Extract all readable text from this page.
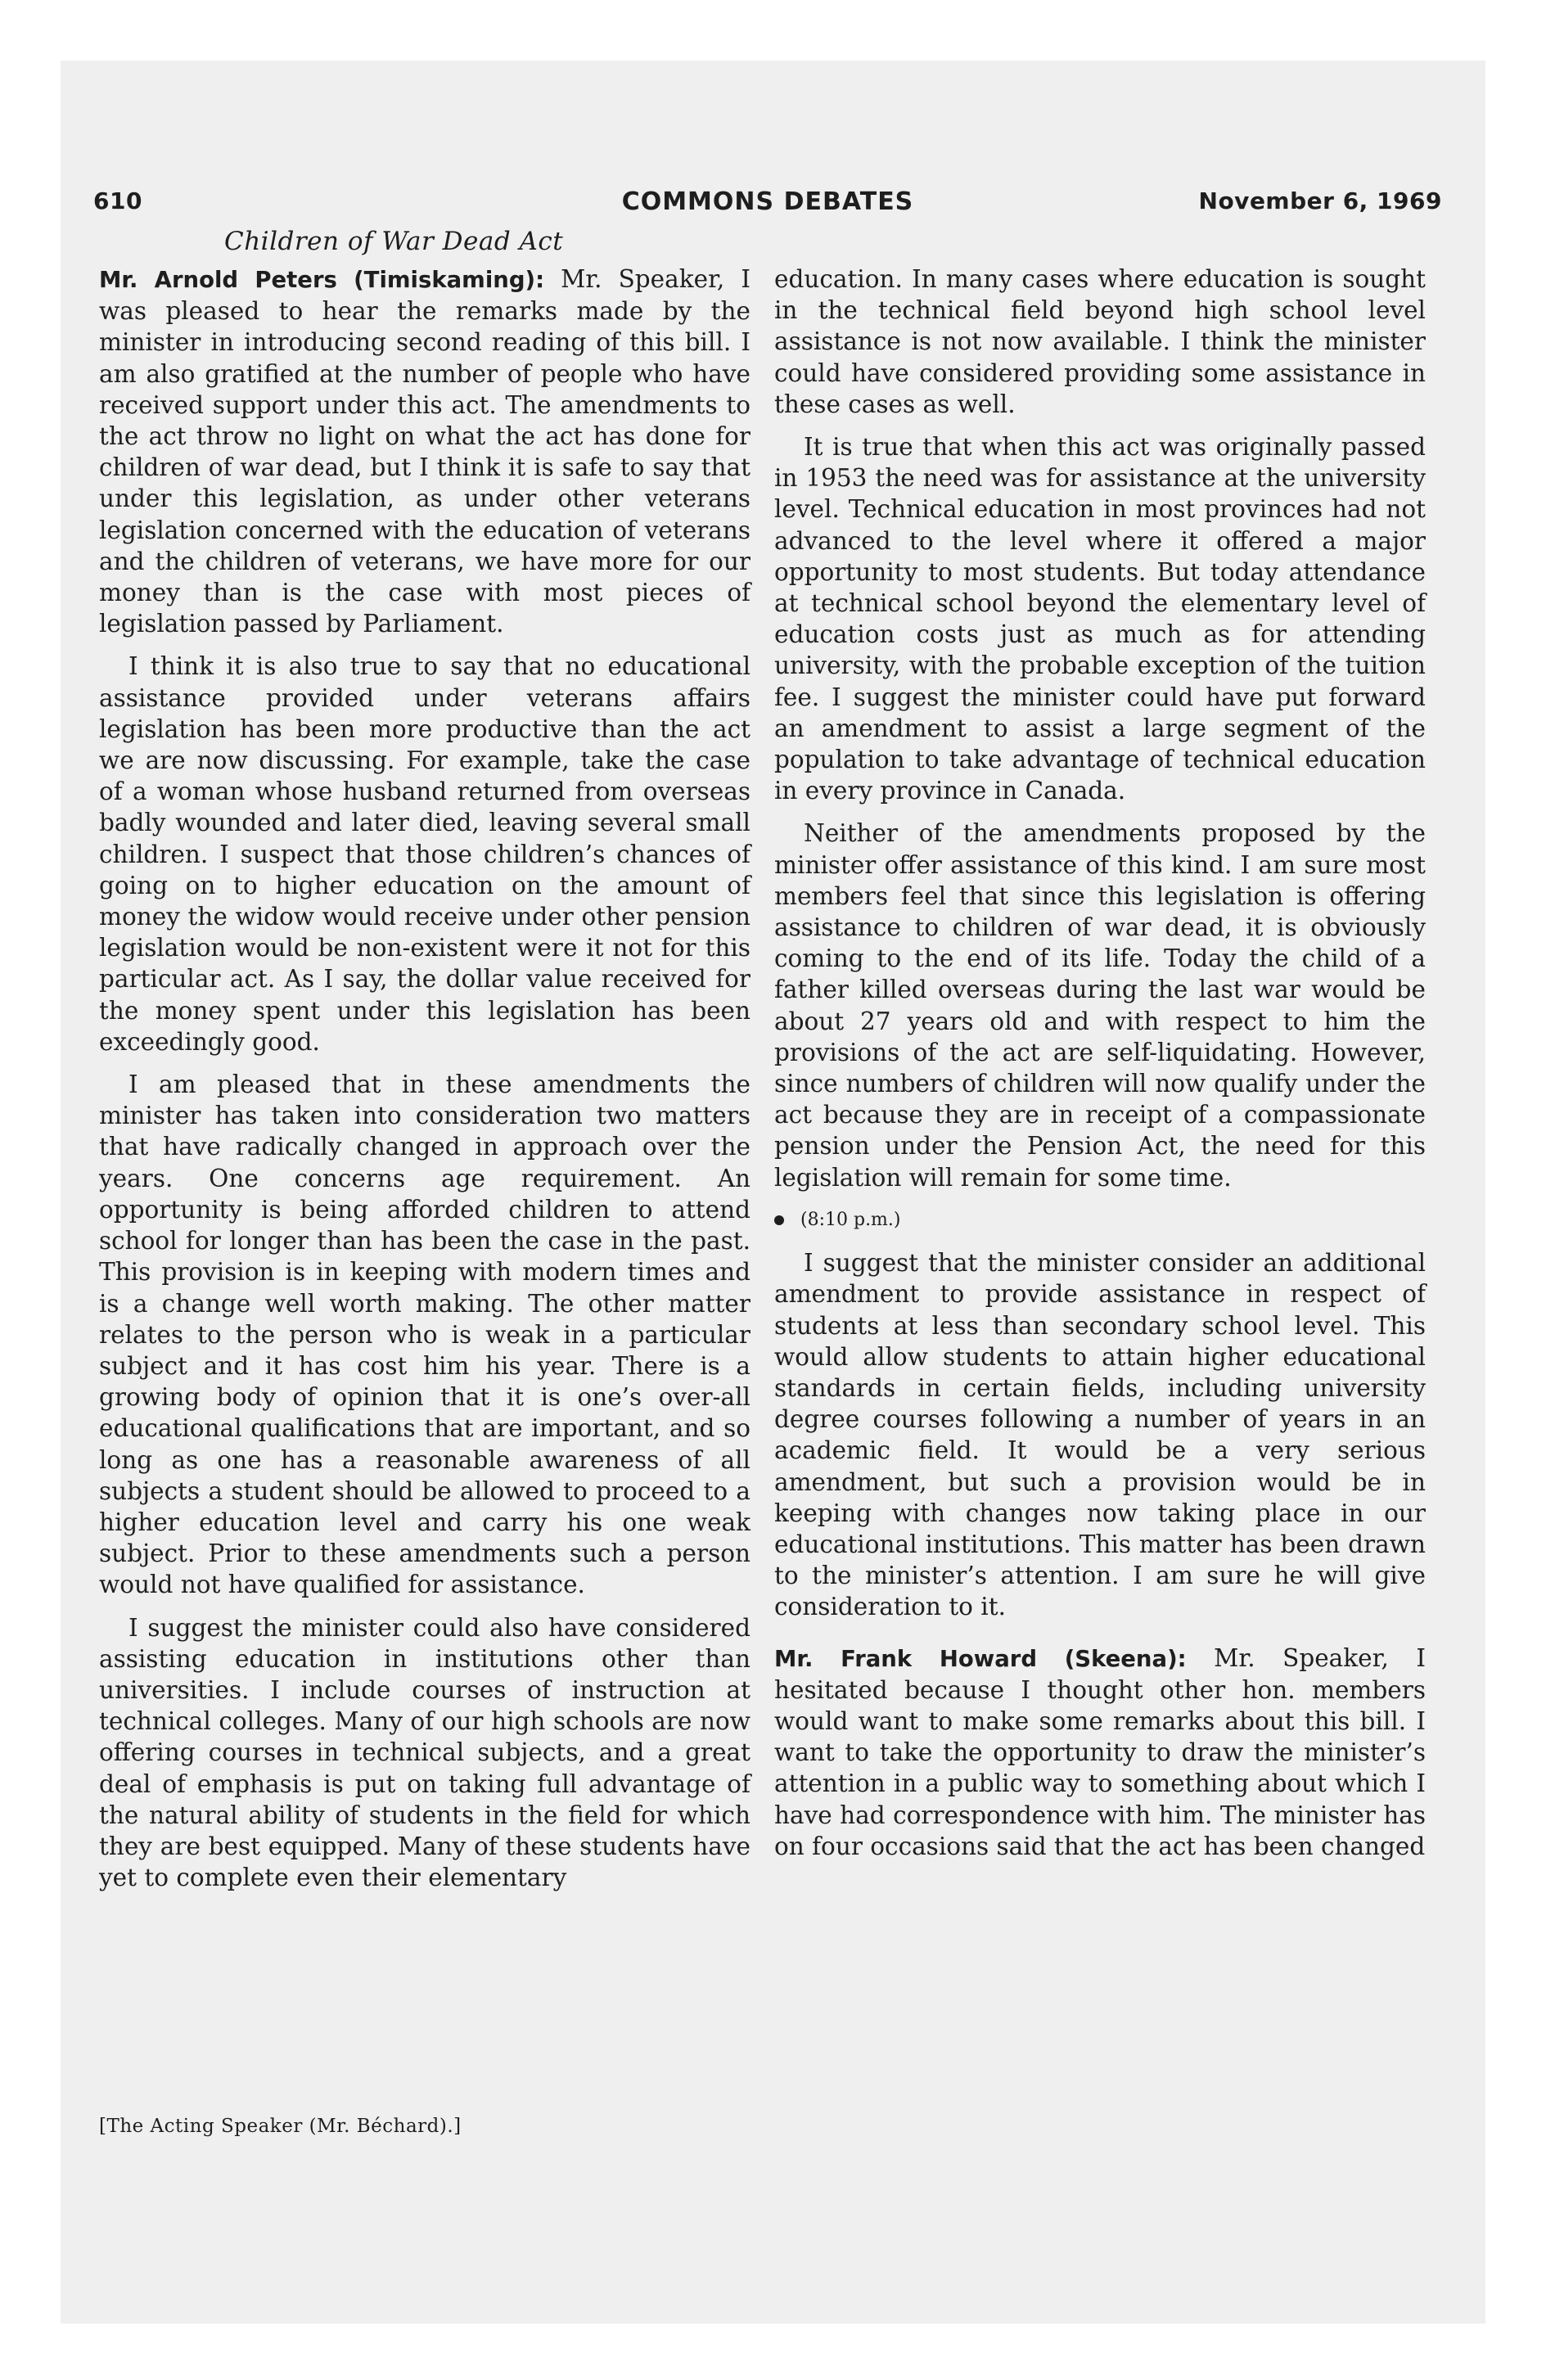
610	COMMONS DEBATES	November 6, 1969
Children of War Dead Act

Mr. Arnold Peters (Timiskaming): Mr. Speaker, I was pleased to hear the remarks made by the minister in introducing second reading of this bill. I am also gratified at the number of people who have received support under this act. The amendments to the act throw no light on what the act has done for children of war dead, but I think it is safe to say that under this legislation, as under other veterans legislation concerned with the education of veterans and the children of veterans, we have more for our money than is the case with most pieces of legislation passed by Parliament.

I think it is also true to say that no educational assistance provided under veterans affairs legislation has been more productive than the act we are now discussing. For example, take the case of a woman whose husband returned from overseas badly wounded and later died, leaving several small children. I suspect that those children’s chances of going on to higher education on the amount of money the widow would receive under other pension legislation would be non-existent were it not for this particular act. As I say, the dollar value received for the money spent under this legislation has been exceedingly good.

I am pleased that in these amendments the minister has taken into consideration two matters that have radically changed in approach over the years. One concerns age requirement. An opportunity is being afforded children to attend school for longer than has been the case in the past. This provision is in keeping with modern times and is a change well worth making. The other matter relates to the person who is weak in a particular subject and it has cost him his year. There is a growing body of opinion that it is one’s over-all educational qualifications that are important, and so long as one has a reasonable awareness of all subjects a student should be allowed to proceed to a higher education level and carry his one weak subject. Prior to these amendments such a person would not have qualified for assistance.

I suggest the minister could also have considered assisting education in institutions other than universities. I include courses of instruction at technical colleges. Many of our high schools are now offering courses in technical subjects, and a great deal of emphasis is put on taking full advantage of the natural ability of students in the field for which they are best equipped. Many of these students have yet to complete even their elementary

[The Acting Speaker (Mr. Béchard).]

education. In many cases where education is sought in the technical field beyond high school level assistance is not now available. I think the minister could have considered providing some assistance in these cases as well.

It is true that when this act was originally passed in 1953 the need was for assistance at the university level. Technical education in most provinces had not advanced to the level where it offered a major opportunity to most students. But today attendance at technical school beyond the elementary level of education costs just as much as for attending university, with the probable exception of the tuition fee. I suggest the minister could have put forward an amendment to assist a large segment of the population to take advantage of technical education in every province in Canada.

Neither of the amendments proposed by the minister offer assistance of this kind. I am sure most members feel that since this legislation is offering assistance to children of war dead, it is obviously coming to the end of its life. Today the child of a father killed overseas during the last war would be about 27 years old and with respect to him the provisions of the act are self-liquidating. However, since numbers of children will now qualify under the act because they are in receipt of a compassionate pension under the Pension Act, the need for this legislation will remain for some time.

(8:10 p.m.)

I suggest that the minister consider an additional amendment to provide assistance in respect of students at less than secondary school level. This would allow students to attain higher educational standards in certain fields, including university degree courses following a number of years in an academic field. It would be a very serious amendment, but such a provision would be in keeping with changes now taking place in our educational institutions. This matter has been drawn to the minister’s attention. I am sure he will give consideration to it.

Mr. Frank Howard (Skeena): Mr. Speaker, I hesitated because I thought other hon. members would want to make some remarks about this bill. I want to take the opportunity to draw the minister’s attention in a public way to something about which I have had correspondence with him. The minister has on four occasions said that the act has been changed
